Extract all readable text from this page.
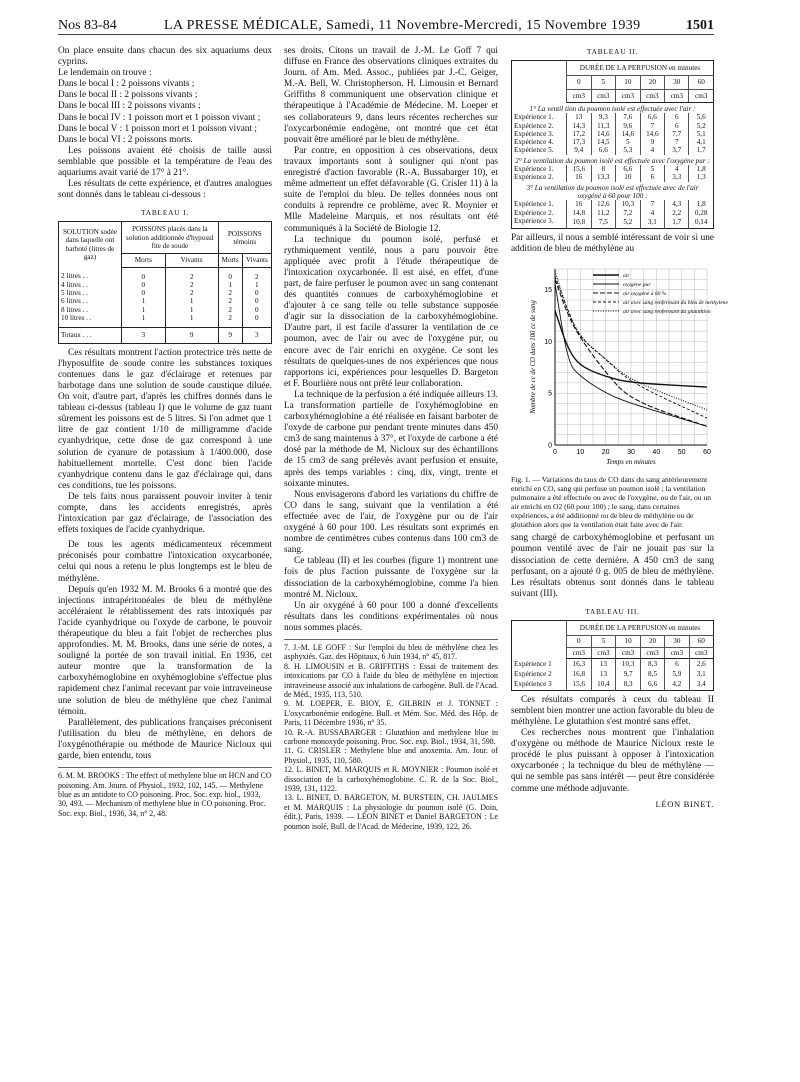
Nos 83-84	LA PRESSE MÉDICALE, Samedi, 11 Novembre-Mercredi, 15 Novembre 1939	1501

On place ensuite dans chacun des six aquariums deux cyprins.

Le lendemain on trouve :

Dans le bocal I : 2 poissons vivants ;

Dans le bocal II : 2 poissons vivants ;

Dans le bocal III : 2 poissons vivants ;

Dans le bocal IV : 1 poisson mort et 1 poisson vivant ;

Dans le bocal V : 1 poisson mort et 1 poisson vivant ;

Dans le bocal VI : 2 poissons morts.

Les poissons avaient été choisis de taille aussi semblable que possible et la température de l'eau des aquariums avait varié de 17° à 21°.

Les résultats de cette expérience, et d'autres analogues sont donnés dans le tableau ci-dessous :

TABLEAU I.
SOLUTION sodée dans laquelle ont barboté (litres de gaz)	POISSONS placés dans la solution additionnée d'hyposul fite de soude		POISSONS témoins	
	Morts	Vivants	Morts	Vivants
2 litres . .	0	2	0	2
4 litres . .	0	2	1	1
5 litres . .	0	2	2	0
6 litres . .	1	1	2	0
8 litres . .	1	1	2	0
10 litres . .	1	1	2	0
Totaux . . .	3	9	9	3

Ces résultats montrent l'action protectrice très nette de l'hyposulfite de soude contre les substances toxiques contenues dans le gaz d'éclairage et retenues par barbotage dans une solution de soude caustique diluée. On voit, d'autre part, d'après les chiffres donnés dans le tableau ci-dessus (tableau I) que le volume de gaz tuant sûrement les poissons est de 5 litres. Si l'on admet que 1 litre de gaz contient 1/10 de milligramme d'acide cyanhydrique, cette dose de gaz correspond à une solution de cyanure de potassium à 1/400.000, dose habituellement mortelle. C'est donc bien l'acide cyanhydrique contenu dans le gaz d'éclairage qui, dans ces conditions, tue les poissons.

De tels faits nous paraissent pouvoir inviter à tenir compte, dans les accidents enregistrés, après l'intoxication par gaz d'éclairage, de l'association des effets toxiques de l'acide cyanhydrique.

De tous les agents médicamenteux récemment préconisés pour combattre l'intoxication oxycarbonée, celui qui nous a retenu le plus longtemps est le bleu de méthylène.

Depuis qu'en 1932 M. M. Brooks 6 a montré que des injections intrapéritonéales de bleu de méthylène accéléraient le rétablissement des rats intoxiqués par l'acide cyanhydrique ou l'oxyde de carbone, le pouvoir thérapeutique du bleu a fait l'objet de recherches plus approfondies. M. M. Brooks, dans une série de notes, a souligné la portée de son travail initial. En 1936, cet auteur montre que la transformation de la carboxyhémoglobine en oxyhémoglobine s'effectue plus rapidement chez l'animal recevant par voie intraveineuse une solution de bleu de méthylène que chez l'animal témoin.

Parallèlement, des publications françaises préconisent l'utilisation du bleu de méthylène, en dehors de l'oxygénothérapie ou méthode de Maurice Nicloux qui garde, bien entendu, tous

6. M. M. BROOKS : The effect of methylene blue on HCN and CO poisoning. Am. Journ. of Physiol., 1932, 102, 145. — Methylene blue as an antidote to CO poisoning. Proc. Soc. exp. biol., 1933, 30, 493. — Mechanism of methylene blue in CO poisoning. Proc. Soc. exp. Biol., 1936, 34, n° 2, 48.

ses droits. Citons un travail de J.-M. Le Goff 7 qui diffuse en France des observations cliniques extraites du Journ. of Am. Med. Assoc., publiées par J.-C. Geiger, M.-A. Bell, W. Christopherson. H. Limousin et Bernard Griffiths 8 communiquent une observation clinique et thérapeutique à l'Académie de Médecine. M. Loeper et ses collaborateurs 9, dans leurs récentes recherches sur l'oxycarbonémie endogène, ont montré que cet état pouvait être amélioré par le bleu de méthylène.

Par contre, en opposition à ces observations, deux travaux importants sont à souligner qui n'ont pas enregistré d'action favorable (R.-A. Bussabarger 10), et même admettent un effet défavorable (G. Crisler 11) à la suite de l'emploi du bleu. De telles données nous ont conduits à reprendre ce problème, avec R. Moynier et Mlle Madeleine Marquis, et nos résultats ont été communiqués à la Société de Biologie 12.

La technique du poumon isolé, perfusé et rythmiquement ventilé, nous a paru pouvoir être appliquée avec profit à l'étude thérapeutique de l'intoxication oxycarbonée. Il est aisé, en effet, d'une part, de faire perfuser le poumon avec un sang contenant des quantités connues de carboxyhémoglobine et d'ajouter à ce sang telle ou telle substance supposée d'agir sur la dissociation de la carboxyhémoglobine. D'autre part, il est facile d'assurer la ventilation de ce poumon, avec de l'air ou avec de l'oxygène pur, ou encore avec de l'air enrichi en oxygène. Ce sont les résultats de quelques-unes de nos expériences que nous rapportons ici, expériences pour lesquelles D. Bargeton et F. Bourlière nous ont prêté leur collaboration.

La technique de la perfusion a été indiquée ailleurs 13. La transformation partielle de l'oxyhémoglobine en carboxyhémoglobine a été réalisée en faisant barboter de l'oxyde de carbone pur pendant trente minutes dans 450 cm3 de sang maintenus à 37°, et l'oxyde de carbone a été dosé par la méthode de M. Nicloux sur des échantillons de 15 cm3 de sang prélevés avant perfusion et ensuite, après des temps variables : cinq, dix, vingt, trente et soixante minutes.

Nous envisagerons d'abord les variations du chiffre de CO dans le sang, suivant que la ventilation a été effectuée avec de l'air, de l'oxygène pur ou de l'air oxygéné à 60 pour 100. Les résultats sont exprimés en nombre de centimètres cubes contenus dans 100 cm3 de sang.

Ce tableau (II) et les courbes (figure 1) montrent une fois de plus l'action puissante de l'oxygène sur la dissociation de la carboxyhémoglobine, comme l'a bien montré M. Nicloux.

Un air oxygéné à 60 pour 100 a donné d'excellents résultats dans les conditions expérimentales où nous nous sommes placés.

7. J.-M. LE GOFF : Sur l'emploi du bleu de méthylène chez les asphyxiés. Gaz. des Hôpitaux, 6 Juin 1934, n° 45, 817.

8. H. LIMOUSIN et B. GRIFFITHS : Essai de traitement des intoxications par CO à l'aide du bleu de méthylène en injection intraveineuse associé aux inhalations de carbogène. Bull. de l'Acad. de Méd., 1935, 113, 510.

9. M. LOEPER, E. BIOY, E. GILBRIN et J. TONNET : L'oxycarbonémie endogène. Bull. et Mém. Soc. Méd. des Hôp. de Paris, 11 Décembre 1936, n° 35.

10. R.-A. BUSSABARGER : Glutathion and methylene blue in carbone monoxyde poisoning. Proc. Soc. exp. Biol., 1934, 31, 598.

11. G. CRISLER : Methylene blue and anoxemia. Am. Jour. of Physiol., 1935, 110, 580.

12. L. BINET, M. MARQUIS et R. MOYNIER : Poumon isolé et dissociation de la carboxyhémoglobine. C. R. de la Soc. Biol., 1939, 131, 1122.

13. L. BINET, D. BARGETON, M. BURSTEIN, CH. JAULMES et M. MARQUIS : La physiologie du poumon isolé (G. Doin, édit.), Paris, 1939. — LÉON BINET et Daniel BARGETON : Le poumon isolé, Bull. de l'Acad. de Médecine, 1939, 122, 26.

TABLEAU II.
	DURÉE DE LA PERFUSION en minutes					
	0	5	10	20	30	60
	cm3	cm3	cm3	cm3	cm3	cm3
1° La ventil tion du poumon isolé est effectuée avec l'air :						
Expérience 1.	13	9,3	7,6	6,6	6	5,6
Expérience 2.	14,3	11,3	9,6	7	6	5,2
Expérience 3.	17,2	14,6	14,6	14,6	7,7	5,1
Expérience 4.	17,3	14,5	5	9	7	4,1
Expérience 5.	9,4	6,6	5,3	4	3,7	1,7
2° La ventilation du poumon isolé est effectuée avec l'oxygène pur :						
Expérience 1.	15,6	8	6,6	5	4	1,8
Expérience 2.	16	13,3	10	6	3,3	1,3
3° La ventilation du poumon isolé est effectuée avec de l'air oxygéné à 60 pour 100 :						
Expérience 1.	16	12,6	10,3	7	4,3	1,8
Expérience 2.	14,8	11,2	7,2	4	2,2	0,28
Expérience 3.	10,8	7,5	5,2	3,1	1,7	0,14

Par ailleurs, il nous a semblé intéressant de voir si une addition de bleu de méthylène au

0	10	20	30	40	50	60
0
5
10
15
Temps en minutes
Nombre de cc de CO dans 100 cc de sang
air
oxygène pur
air oxygéné à 60 %
air avec sang renfermant du bleu de méthylène
air avec sang renfermant du glutathion
Fig. 1. — Variations du taux de CO dans du sang antérieurement enrichi en CO, sang qui perfuse un poumon isolé ; la ventilation pulmonaire a été effectuée ou avec de l'oxygène, ou de l'air, ou un air enrichi en O2 (60 pour 100) ; le sang, dans certaines expériences, a été additionné ou de bleu de méthylène ou de glutathion alors que la ventilation était faite avec de l'air.

sang chargé de carboxyhémoglobine et perfusant un poumon ventilé avec de l'air ne jouait pas sur la dissociation de cette dernière. A 450 cm3 de sang perfusant, on a ajouté 0 g. 005 de bleu de méthylène. Les résultats obtenus sont donnés dans le tableau suivant (III).

TABLEAU III.
	DURÉE DE LA PERFUSION en minutes					
	0	5	10	20	30	60
	cm3	cm3	cm3	cm3	cm3	cm3
Expérience 1	16,3	13	10,3	8,3	6	2,6
Expérience 2	16,8	13	9,7	8,5	5,9	3,1
Expérience 3	15,6	10,4	8,3	6,6	4,2	3,4

Ces résultats comparés à ceux du tableau II semblent bien montrer une action favorable du bleu de méthylène. Le glutathion s'est montré sans effet.

Ces recherches nous montrent que l'inhalation d'oxygène ou méthode de Maurice Nicloux reste le procédé le plus puissant à opposer à l'intoxication oxycarbonée ; la technique du bleu de méthylène — qui ne semble pas sans intérêt — peut être considérée comme une méthode adjuvante.

LÉON BINET.
